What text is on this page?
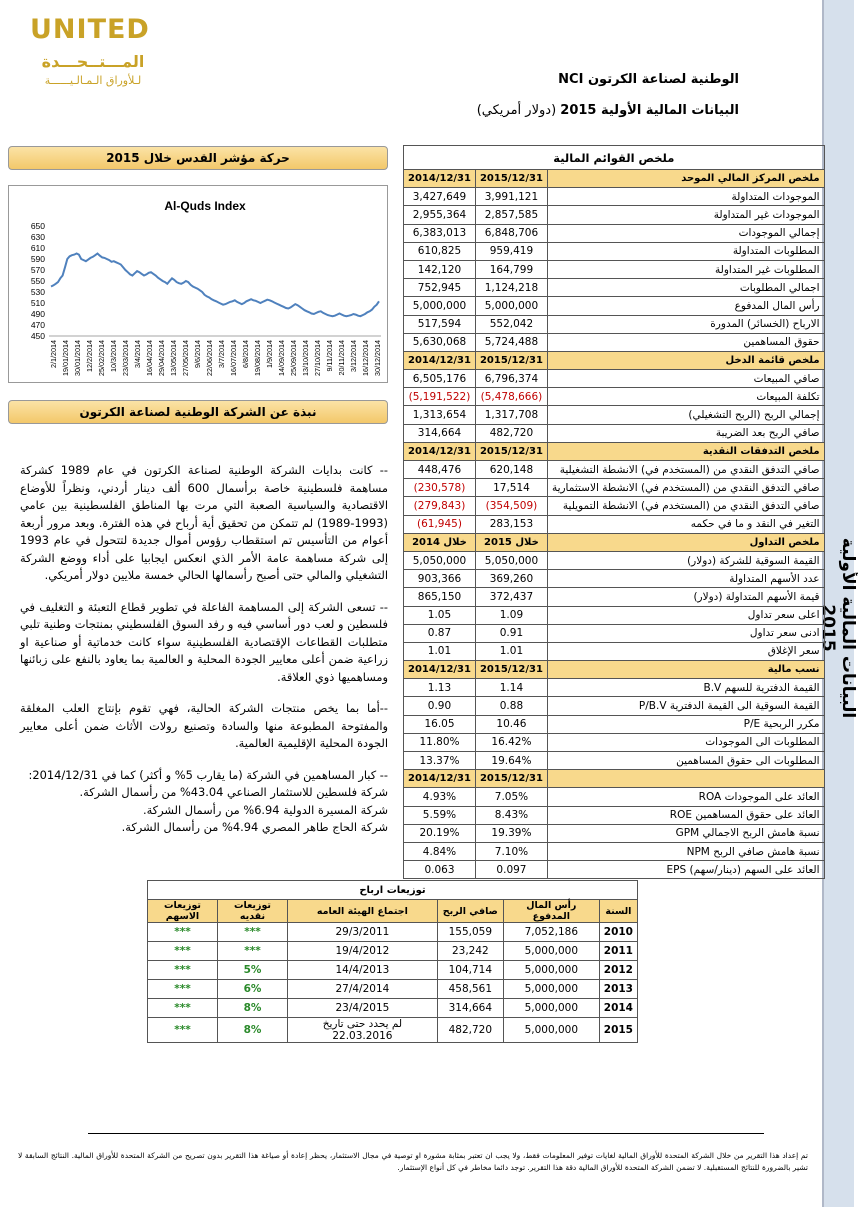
UNITED
المـــتــحـــدة
لـلأوراق الـمـالـيــــــة	الوطنية لصناعة الكرتون NCI
البيانات المالية الأولية 2015 (دولار أمريكي)
البيانات المالية الأولية 2015
حركة مؤشر القدس خلال 2015
Al-Quds Index
450
470
490
510
530
550
570
590
610
630
650
2/1/2014 19/01/2014 30/01/2014 12/2/2014 25/02/2014 10/3/2014 23/03/2014 3/4/2014 16/04/2014 29/04/2014 13/05/2014 27/05/2014 9/6/2014 22/06/2014 3/7/2014 16/07/2014 6/8/2014 19/08/2014 1/9/2014 14/09/2014 25/09/2014 13/10/2014 27/10/2014 9/11/2014 20/11/2014 3/12/2014 16/12/2014 30/12/2014
نبذة عن الشركة الوطنية لصناعة الكرتون

-- كانت بدايات الشركة الوطنية لصناعة الكرتون في عام 1989 كشركة مساهمة فلسطينية خاصة برأسمال 600 ألف دينار أردني، ونظراً للأوضاع الاقتصادية والسياسية الصعبة التي مرت بها المناطق الفلسطينية بين عامي (1993-1989) لم تتمكن من تحقيق أية أرباح في هذه الفترة. وبعد مرور أربعة أعوام من التأسيس تم استقطاب رؤوس أموال جديدة لتتحول في عام 1993 إلى شركة مساهمة عامة الأمر الذي انعكس ايجابيا على أداء ووضع الشركة التشغيلي والمالي حتى أصبح رأسمالها الحالي خمسة ملايين دولار أمريكي.

-- تسعى الشركة إلى المساهمة الفاعلة في تطوير قطاع التعبئة و التغليف في فلسطين و لعب دور أساسي فيه و رفد السوق الفلسطيني بمنتجات وطنية تلبي متطلبات القطاعات الإقتصادية الفلسطينية سواء كانت خدماتية أو صناعية او زراعية ضمن أعلى معايير الجودة المحلية و العالمية بما يعاود بالنفع على زبائنها ومساهميها ذوي العلاقة.

--أما بما يخص منتجات الشركة الحالية، فهي تقوم بإنتاج العلب المغلقة والمفتوحة المطبوعة منها والسادة وتصنيع رولات الأثاث ضمن أعلى معايير الجودة المحلية الإقليمية العالمية.

-- كبار المساهمين في الشركة (ما يقارب 5% و أكثر) كما في 2014/12/31:
شركة فلسطين للاستثمار الصناعي 43.04% من رأسمال الشركة.
شركة المسيرة الدولية 6.94% من رأسمال الشركة.
شركة الحاج طاهر المصري 4.94% من رأسمال الشركة.
ملخص القوائم المالية		
ملخص المركز المالي الموحد	2015/12/31	2014/12/31
الموجودات المتداولة	3,991,121	3,427,649
الموجودات غير المتداولة	2,857,585	2,955,364
إجمالي الموجودات	6,848,706	6,383,013
المطلوبات المتداولة	959,419	610,825
المطلوبات غير المتداولة	164,799	142,120
اجمالي المطلوبات	1,124,218	752,945
رأس المال المدفوع	5,000,000	5,000,000
الارباح (الخسائر) المدورة	552,042	517,594
حقوق المساهمين	5,724,488	5,630,068
ملخص قائمة الدخل	2015/12/31	2014/12/31
صافي المبيعات	6,796,374	6,505,176
تكلفة المبيعات	(5,478,666)	(5,191,522)
إجمالي الربح (الربح التشغيلي)	1,317,708	1,313,654
صافي الربح بعد الضريبة	482,720	314,664
ملخص التدفقات النقدية	2015/12/31	2014/12/31
صافي التدفق النقدي من (المستخدم في) الانشطة التشغيلية	620,148	448,476
صافي التدفق النقدي من (المستخدم في) الانشطة الاستثمارية	17,514	(230,578)
صافي التدفق النقدي من (المستخدم في) الانشطة التمويلية	(354,509)	(279,843)
التغير في النقد و ما في حكمه	283,153	(61,945)
ملخص التداول	خلال 2015	خلال 2014
القيمة السوقية للشركة (دولار)	5,050,000	5,050,000
عدد الأسهم المتداولة	369,260	903,366
قيمة الأسهم المتداولة (دولار)	372,437	865,150
اعلى سعر تداول	1.09	1.05
ادنى سعر تداول	0.91	0.87
سعر الإغلاق	1.01	1.01
نسب مالية	2015/12/31	2014/12/31
القيمة الدفترية للسهم B.V	1.14	1.13
القيمة السوقية الى القيمة الدفترية P/B.V	0.88	0.90
مكرر الربحية P/E	10.46	16.05
المطلوبات الى الموجودات	16.42%	11.80%
المطلوبات الى حقوق المساهمين	19.64%	13.37%
	2015/12/31	2014/12/31
العائد على الموجودات ROA	7.05%	4.93%
العائد على حقوق المساهمين ROE	8.43%	5.59%
نسبة هامش الربح الاجمالي GPM	19.39%	20.19%
نسبة هامش صافي الربح NPM	7.10%	4.84%
العائد على السهم (دينار/سهم) EPS	0.097	0.063
توزيعات ارباح					
السنة	رأس المال المدفوع	صافي الربح	اجتماع الهيئة العامه	توزيعات نقديه	توزيعات الاسهم
2010	7,052,186	155,059	29/3/2011	***	***
2011	5,000,000	23,242	19/4/2012	***	***
2012	5,000,000	104,714	14/4/2013	5%	***
2013	5,000,000	458,561	27/4/2014	6%	***
2014	5,000,000	314,664	23/4/2015	8%	***
2015	5,000,000	482,720	لم يحدد حتى تاريخ 22.03.2016	8%	***
تم إعداد هذا التقرير من خلال الشركة المتحدة للأوراق المالية لغايات توفير المعلومات فقط، ولا يجب ان تعتبر بمثابة مشورة او توصية في مجال الاستثمار، يحظر إعادة أو صياغة هذا التقرير بدون تصريح من الشركة المتحدة للأوراق المالية. النتائج السابقة لا تشير بالضرورة للنتائج المستقبلية. لا تضمن الشركة المتحدة للأوراق المالية دقة هذا التقرير. توجد دائما مخاطر في كل أنواع الإستثمار.
